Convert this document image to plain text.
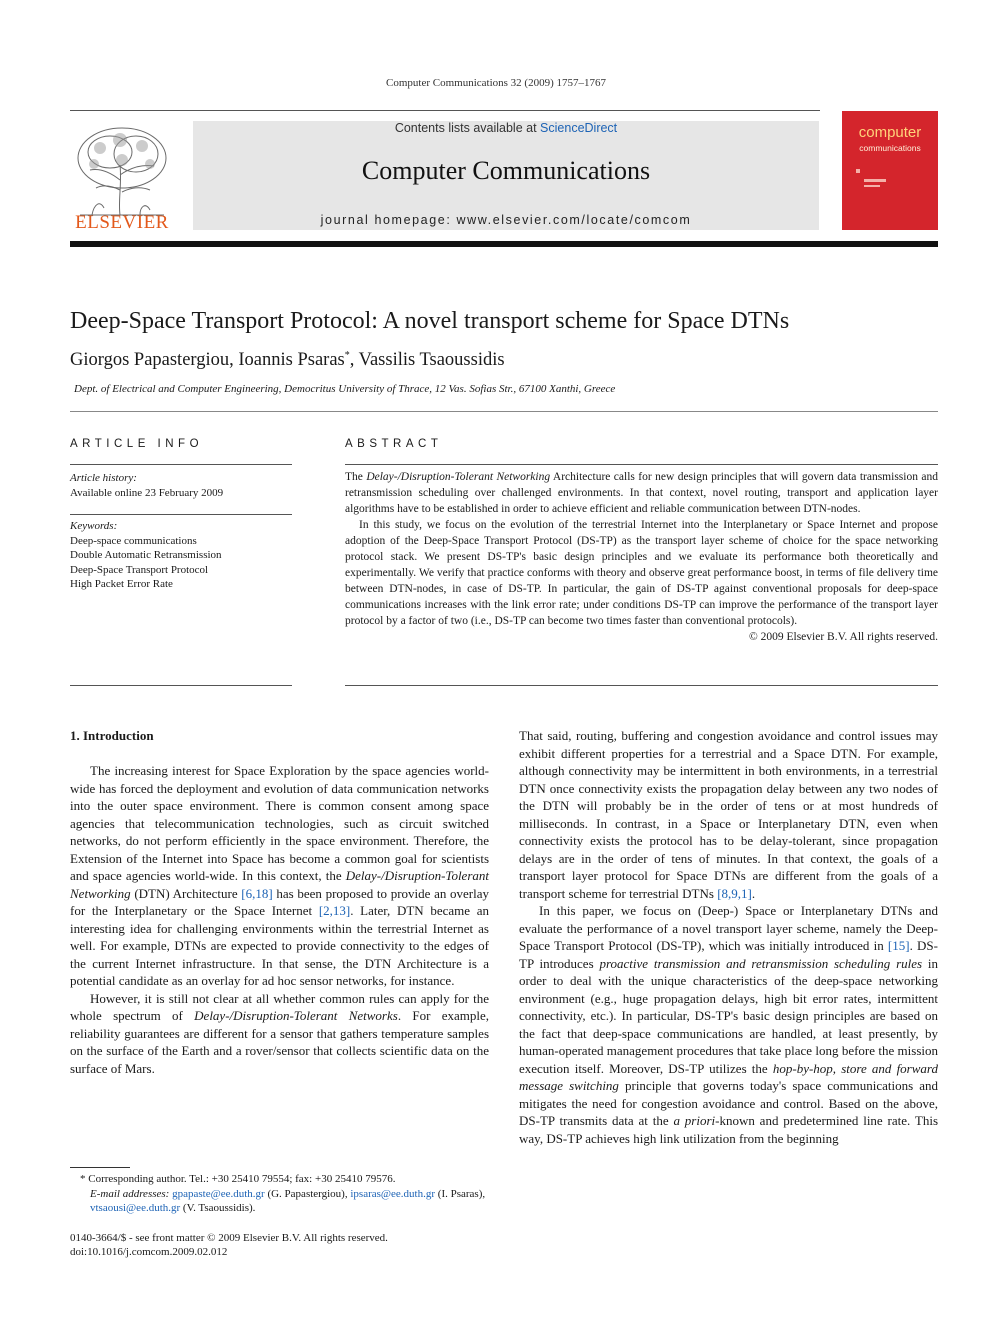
Computer Communications 32 (2009) 1757–1767
ELSEVIER
Contents lists available at ScienceDirect
Computer Communications
journal homepage: www.elsevier.com/locate/comcom
computer
communications
Deep-Space Transport Protocol: A novel transport scheme for Space DTNs
Giorgos Papastergiou, Ioannis Psaras*, Vassilis Tsaoussidis
Dept. of Electrical and Computer Engineering, Democritus University of Thrace, 12 Vas. Sofias Str., 67100 Xanthi, Greece
ARTICLE INFO
Article history:
Available online 23 February 2009
Keywords:
Deep-space communications
Double Automatic Retransmission
Deep-Space Transport Protocol
High Packet Error Rate
ABSTRACT

The Delay-/Disruption-Tolerant Networking Architecture calls for new design principles that will govern data transmission and retransmission scheduling over challenged environments. In that context, novel routing, transport and application layer algorithms have to be established in order to achieve efficient and reliable communication between DTN-nodes.

In this study, we focus on the evolution of the terrestrial Internet into the Interplanetary or Space Internet and propose adoption of the Deep-Space Transport Protocol (DS-TP) as the transport layer scheme of choice for the space networking protocol stack. We present DS-TP's basic design principles and we evaluate its performance both theoretically and experimentally. We verify that practice conforms with theory and observe great performance boost, in terms of file delivery time between DTN-nodes, in case of DS-TP. In particular, the gain of DS-TP against conventional proposals for deep-space communications increases with the link error rate; under conditions DS-TP can improve the performance of the transport layer protocol by a factor of two (i.e., DS-TP can become two times faster than conventional protocols).

© 2009 Elsevier B.V. All rights reserved.
1. Introduction

The increasing interest for Space Exploration by the space agencies world-wide has forced the deployment and evolution of data communication networks into the outer space environment. There is common consent among space agencies that telecommunication technologies, such as circuit switched networks, do not perform efficiently in the space environment. Therefore, the Extension of the Internet into Space has become a common goal for scientists and space agencies world-wide. In this context, the Delay-/Disruption-Tolerant Networking (DTN) Architecture [6,18] has been proposed to provide an overlay for the Interplanetary or the Space Internet [2,13]. Later, DTN became an interesting idea for challenging environments within the terrestrial Internet as well. For example, DTNs are expected to provide connectivity to the edges of the current Internet infrastructure. In that sense, the DTN Architecture is a potential candidate as an overlay for ad hoc sensor networks, for instance.

However, it is still not clear at all whether common rules can apply for the whole spectrum of Delay-/Disruption-Tolerant Networks. For example, reliability guarantees are different for a sensor that gathers temperature samples on the surface of the Earth and a rover/sensor that collects scientific data on the surface of Mars.

That said, routing, buffering and congestion avoidance and control issues may exhibit different properties for a terrestrial and a Space DTN. For example, although connectivity may be intermittent in both environments, in a terrestrial DTN once connectivity exists the propagation delay between any two nodes of the DTN will probably be in the order of tens or at most hundreds of milliseconds. In contrast, in a Space or Interplanetary DTN, even when connectivity exists the protocol has to be delay-tolerant, since propagation delays are in the order of tens of minutes. In that context, the goals of a transport layer protocol for Space DTNs are different from the goals of a transport scheme for terrestrial DTNs [8,9,1].

In this paper, we focus on (Deep-) Space or Interplanetary DTNs and evaluate the performance of a novel transport layer scheme, namely the Deep-Space Transport Protocol (DS-TP), which was initially introduced in [15]. DS-TP introduces proactive transmission and retransmission scheduling rules in order to deal with the unique characteristics of the deep-space networking environment (e.g., huge propagation delays, high bit error rates, intermittent connectivity, etc.). In particular, DS-TP's basic design principles are based on the fact that deep-space communications are handled, at least presently, by human-operated management procedures that take place long before the mission execution itself. Moreover, DS-TP utilizes the hop-by-hop, store and forward message switching principle that governs today's space communications and mitigates the need for congestion avoidance and control. Based on the above, DS-TP transmits data at the a priori-known and predetermined line rate. This way, DS-TP achieves high link utilization from the beginning

* Corresponding author. Tel.: +30 25410 79554; fax: +30 25410 79576.
E-mail addresses: gpapaste@ee.duth.gr (G. Papastergiou), ipsaras@ee.duth.gr (I. Psaras), vtsaousi@ee.duth.gr (V. Tsaoussidis).
0140-3664/$ - see front matter © 2009 Elsevier B.V. All rights reserved.
doi:10.1016/j.comcom.2009.02.012
